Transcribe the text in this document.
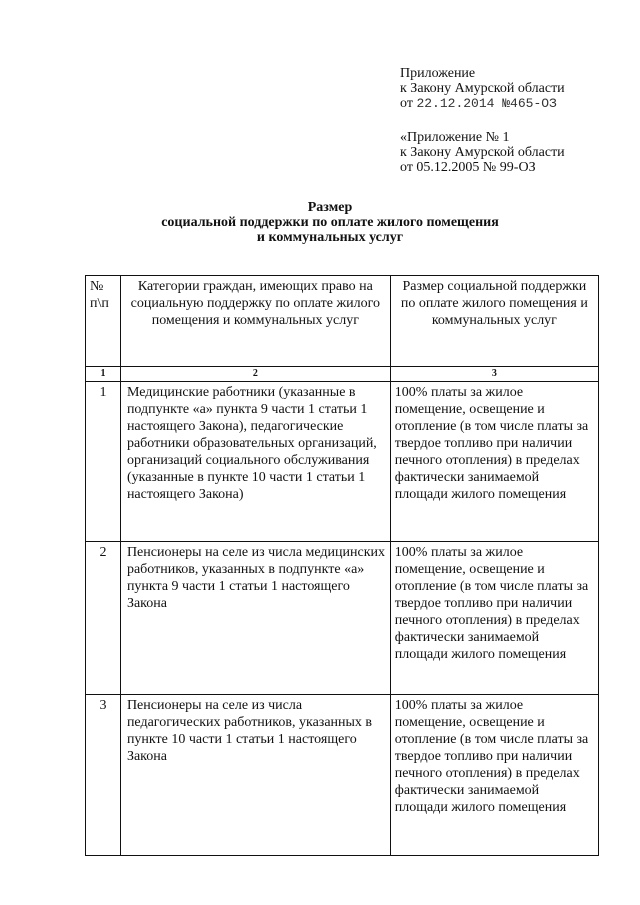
Приложение
к Закону Амурской области
от 22.12.2014 №465-ОЗ
«Приложение № 1
к Закону Амурской области
от 05.12.2005 № 99-ОЗ
Размер
социальной поддержки по оплате жилого помещения
и коммунальных услуг
№ п\п	Категории граждан, имеющих право на социальную поддержку по оплате жилого помещения и коммунальных услуг	Размер социальной поддержки по оплате жилого помещения и коммунальных услуг
1	2	3
1	Медицинские работники (указанные в подпункте «а» пункта 9 части 1 статьи 1 настоящего Закона), педагогические работники образовательных организаций, организаций социального обслуживания (указанные в пункте 10 части 1 статьи 1 настоящего Закона)	100% платы за жилое помещение, освещение и отопление (в том числе платы за твердое топливо при наличии печного отопления) в пределах фактически занимаемой площади жилого помещения
2	Пенсионеры на селе из числа медицинских работников, указанных в подпункте «а» пункта 9 части 1 статьи 1 настоящего Закона	100% платы за жилое помещение, освещение и отопление (в том числе платы за твердое топливо при наличии печного отопления) в пределах фактически занимаемой площади жилого помещения
3	Пенсионеры на селе из числа педагогических работников, указанных в пункте 10 части 1 статьи 1 настоящего Закона	100% платы за жилое помещение, освещение и отопление (в том числе платы за твердое топливо при наличии печного отопления) в пределах фактически занимаемой площади жилого помещения
